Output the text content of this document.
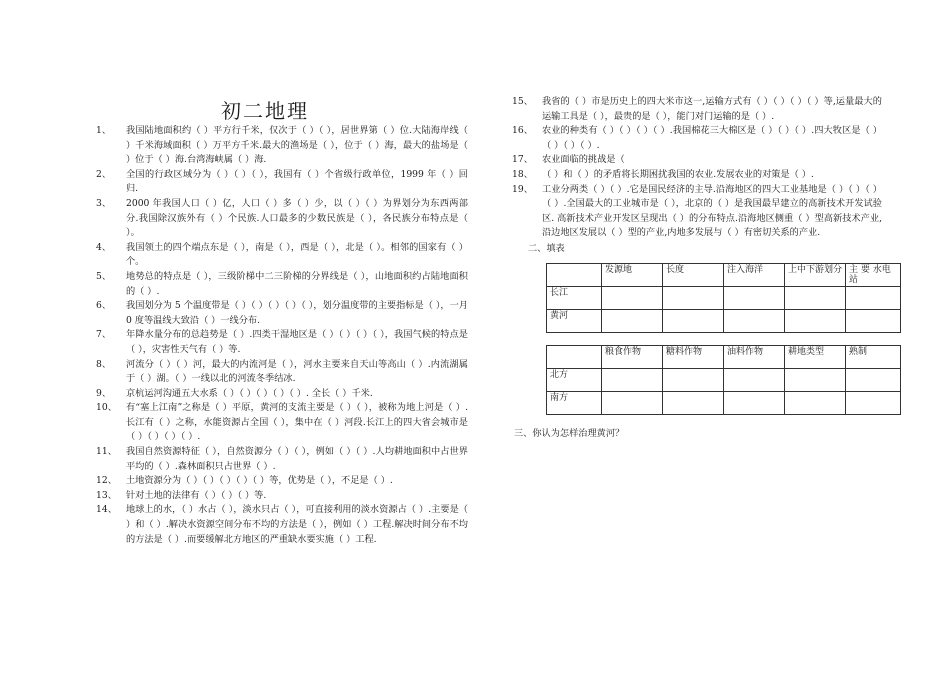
初二地理
1、	我国陆地面积约（ ）平方行千米，仅次于（ ）（ ），居世界第（ ）位.大陆海岸线（ ）千米海域面积（ ）万平方千米.最大的渔场是（ ），位于（ ）海，最大的盐场是（ ）位于（ ）海.台湾海峡属（ ）海.
2、	全国的行政区域分为（ ）（ ）（ ），我国有（ ）个省级行政单位，1999 年（ ）回归.
3、	2000 年我国人口（ ）亿，人口（ ）多（ ）少，以（ ）（ ）为界划分为东西两部分.我国除汉族外有（ ）个民族.人口最多的少数民族是（ ），各民族分布特点是（ ）。
4、	我国领土的四个端点东是（ ），南是（ ），西是（ ），北是（ ）。相邻的国家有（ ）个。
5、	地势总的特点是（ ），三级阶梯中二三阶梯的分界线是（ ），山地面积约占陆地面积的（ ）.
6、	我国划分为 5 个温度带是（ ）（ ）（ ）（ ）（ ），划分温度带的主要指标是（ ），一月 0 度等温线大致沿（ ）一线分布.
7、	年降水量分布的总趋势是（ ）.四类干湿地区是（ ）（ ）（ ）（ ），我国气候的特点是（ ），灾害性天气有（ ）等.
8、	河流分（ ）（ ）河，最大的内流河是（ ），河水主要来自天山等高山（ ）.内流湖属于（ ）湖。（ ）一线以北的河流冬季结冰.
9、	京杭运河沟通五大水系（ ）（ ）（ ）（ ）（ ）. 全长（ ）千米.
10、 有“塞上江南”之称是（ ）平原，黄河的支流主要是（ ）（ ），被称为地上河是（ ）.长江有（ ）之称，水能资源占全国（ ），集中在（ ）河段.长江上的四大省会城市是（ ）（ ）（ ）（ ）.
11、 我国自然资源特征（ ），自然资源分（ ）（ ），例如（ ）（ ）.人均耕地面积中占世界平均的（ ）.森林面积只占世界（ ）.
12、 土地资源分为（ ）（ ）（ ）（ ）（ ）等，优势是（ ），不足是（ ）.
13、 针对土地的法律有（ ）（ ）（ ）等.
14、 地球上的水，（ ）水占（ ），淡水只占（ ），可直接利用的淡水资源占（ ）.主要是（ ）和（ ）.解决水资源空间分布不均的方法是（ ），例如（ ）工程.解决时间分布不均的方法是（ ）.而要缓解北方地区的严重缺水要实施（ ）工程.
15、 我省的（ ）市是历史上的四大米市这一,运输方式有（ ）（ ）（ ）（ ）等,运量最大的运输工具是（ ），最贵的是（ ），能门对门运输的是（ ）.
16、 农业的种类有（ ）（ ）（ ）（ ）.我国棉花三大棉区是（ ）（ ）（ ）.四大牧区是（ ）（ ）（ ）（ ）.
17、 农业面临的挑战是（
18、 （ ）和（ ）的矛盾将长期困扰我国的农业.发展农业的对策是（ ）.
19、 工业分两类（ ）（ ）.它是国民经济的主导.沿海地区的四大工业基地是（ ）（ ）（ ）（ ）.全国最大的工业城市是（ ），北京的（ ）是我国最早建立的高新技术开发试验区. 高新技术产业开发区呈现出（ ）的分布特点.沿海地区侧重（ ）型高新技术产业,沿边地区发展以（ ）型的产业,内地多发展与（ ）有密切关系的产业.
二、填表
	发源地	长度	注入海洋	上中下游划分	主 要 水电站
长江					
黄河					
	粮食作物	糖料作物	油料作物	耕地类型	熟制
北方					
南方					
三、你认为怎样治理黄河？
